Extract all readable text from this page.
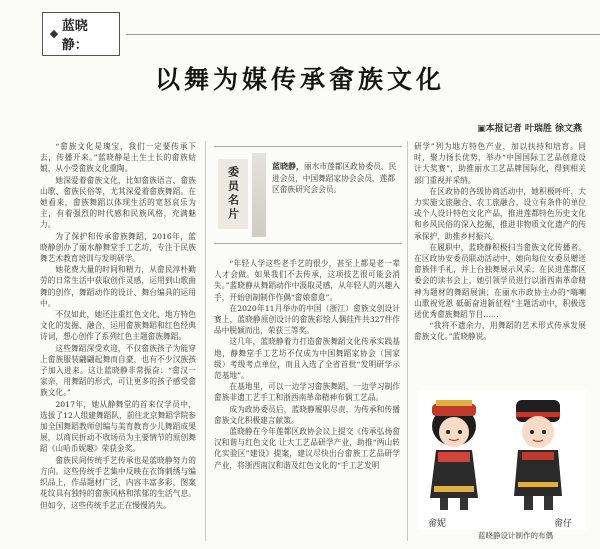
蓝晓静：
以舞为媒传承畲族文化
▣本报记者 叶瑞胜 徐文燕

“畲族文化是瑰宝，我们一定要传承下去，传播开来。”蓝晓静是土生土长的畲族姑娘，从小受畲族文化熏陶。

她深爱着畲族文化，比如畲族语言、畲族山歌、畲族民俗等，尤其深爱着畲族舞蹈。在她看来，畲族舞蹈以体现生活的宽怒哀乐为主，有着强烈的时代感和民族风格，充满魅力。

为了保护和传承畲族舞蹈，2016年，蓝晓静创办了丽水静舞堂手工艺坊，专注于民族舞艺术教育培训与发明研学。

她花费大量的时间和精力，从畲民淳朴勤劳的日常生活中获取创作灵感，运用到山歌曲舞的创作，舞蹈动作的设计、舞台编具的运用中。

不仅如此，她还注重红色文化、地方特色文化的发掘、融合，运用畲族舞蹈和红色经典诗词，想心创作了系列红色主题畲族舞蹈。

这些舞蹈深受欢迎，不仅畲族孩子为能穿上畲族服装翩翩起舞而自豪，也有不少汉族孩子加入进来。这让蓝晓静非常振奋：“畲汉一家亲，用舞蹈的形式，可让更多的孩子感受畲族文化。”

2017年，她从静舞堂的首来仅学员中，选拔了12人组建舞蹈队，前往北京舞蹈学院参加全国舞蹈教师创编与美育教育少儿舞蹈成果展，以商民折动不收场员为主要情节的原创舞蹈《山哈币妮趣》荣获金奖。

畲族民间传统手艺传承也是蓝晓静努力的方向。这些传统手艺集中反映在衣饰刺绣与编织品上，作品题材广泛，内容丰富多彩，图案花纹具有独特的畲族风格和浓郁的生活气息。但如今，这些传统手艺正在慢慢消失。

委员名片	蓝晓静，丽水市莲都区政协委员、民进会员，中国舞蹈家协会会员，莲都区畲族研究会会员。

“年轻人学这些老手艺的很少，甚至上都是老一辈人才会做。如果我们不去传承，这项技艺很可能会消失。”蓝晓静从舞蹈动作中汲取灵感，从年轻人的兴趣入手，开始创制制作作偶“畲娘畲意”。

在2020年11月举办的中国（浙江）畲族文创设计赛上，蓝晓静原创设计的畲族彩绘人偶挂件共327件作品中脱颖而出，荣获三等奖。

这几年，蓝晓静着力打造畲族舞蹈文化传承实践基地，静舞堂手工艺坊不仅成为中国舞蹈家协会（国家级）考级考点单位，而且入选了全省首批“发明研学示范基地”。

在基地里，可以一边学习畲族舞蹈，一边学习制作畲族非遗工艺手工和浙西南革命精神布偶工艺品。

成为政协委员后，蓝晓静履职尽责，为传承和传播畲族文化积极建言献策。

蓝晓静在今年莲都区政协会议上提交《传承弘扬畲汉和谐与红色文化 让大工艺品研学产业，助推“两山转化实验区”建设》提案，建议尽快出台畲族工艺品研学产业，将浙西南汉和谐及红色文化的“手工艺发明

研学”列为地方特色产业，加以扶持和培育。同时，聚力扬长优势，举办“中国国际工艺品创意设计大奖赛”，助推丽水工艺品牌国际化，得到相关部门重视并采纳。

在区政协的各级协商活动中，她积极呼吁，大力实施文旅融合、农工旅融合，设立有条件的单位或个人设计特色文化产品，推进莲都特色历史文化和乡风民俗的深入挖掘，推进非物质文化遗产的传承保护，助推乡村振兴。

在履职中，蓝晓静积极扫当畲族文化传播者。在区政协安委员联动活动中，她向每位女委员赠送畲族伴手礼，并上台独舞展示风采；在民进莲都区委会的读书会上，她引领学员进行以浙西南革命精神为题材的舞蹈展演；在丽水市政协主办的“嗨喇山歌祝党恩 砥砺奋进新征程”主题活动中，积极选送优秀畲族舞蹈节目……

“我将不遗余力，用舞蹈的艺术形式传承发展畲族文化。”蓝晓静说。

畲妮	畲仔
蓝晓静设计制作的布偶
